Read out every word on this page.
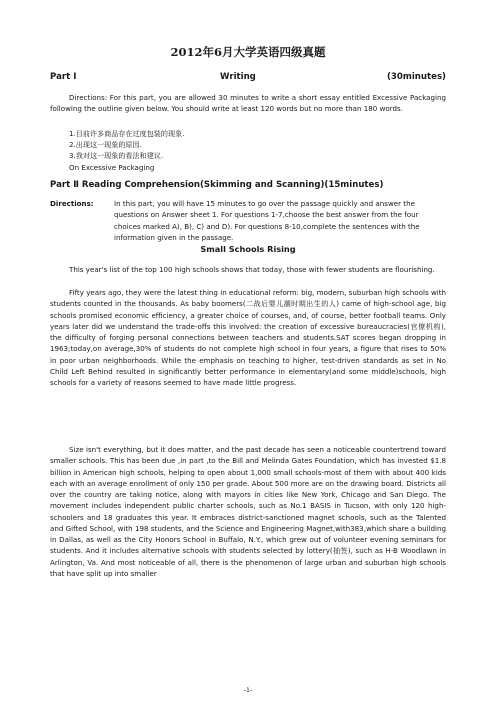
2012年6月大学英语四级真题
Part Ⅰ	Writing	(30minutes)
Directions: For this part, you are allowed 30 minutes to write a short essay entitled Excessive Packaging following the outline given below. You should write at least 120 words but no more than 180 words.
1.目前许多商品存在过度包装的现象.
2.出现这一现象的原因.
3.我对这一现象的看法和建议.
On Excessive Packaging
Part Ⅱ Reading Comprehension(Skimming and Scanning)(15minutes)
Directions:	In this part, you will have 15 minutes to go over the passage quickly and answer the questions on Answer sheet 1. For questions 1-7,choose the best answer from the four choices marked A), B), C) and D). For questions 8-10,complete the sentences with the information given in the passage.
Small Schools Rising
This year's list of the top 100 high schools shows that today, those with fewer students are flourishing.
Fifty years ago, they were the latest thing in educational reform: big, modern, suburban high schools with students counted in the thousands. As baby boomers(二战后婴儿潮时期出生的人) came of high-school age, big schools promised economic efficiency, a greater choice of courses, and, of course, better football teams. Only years later did we understand the trade-offs this involved: the creation of excessive bureaucracies(官僚机构), the difficulty of forging personal connections between teachers and students.SAT scores began dropping in 1963;today,on average,30% of students do not complete high school in four years, a figure that rises to 50% in poor urban neighborhoods. While the emphasis on teaching to higher, test-driven standards as set in No Child Left Behind resulted in significantly better performance in elementary(and some middle)schools, high schools for a variety of reasons seemed to have made little progress.
Size isn't everything, but it does matter, and the past decade has seen a noticeable countertrend toward smaller schools. This has been due ,in part ,to the Bill and Melinda Gates Foundation, which has invested $1.8 billion in American high schools, helping to open about 1,000 small schools-most of them with about 400 kids each with an average enrollment of only 150 per grade. About 500 more are on the drawing board. Districts all over the country are taking notice, along with mayors in cities like New York, Chicago and San Diego. The movement includes independent public charter schools, such as No.1 BASIS in Tucson, with only 120 high-schoolers and 18 graduates this year. It embraces district-sanctioned magnet schools, such as the Talented and Gifted School, with 198 students, and the Science and Engineering Magnet,with383,which share a building in Dallas, as well as the City Honors School in Buffalo, N.Y., which grew out of volunteer evening seminars for students. And it includes alternative schools with students selected by lottery(抽签), such as H-B Woodlawn in Arlington, Va. And most noticeable of all, there is the phenomenon of large urban and suburban high schools that have split up into smaller
-1-
